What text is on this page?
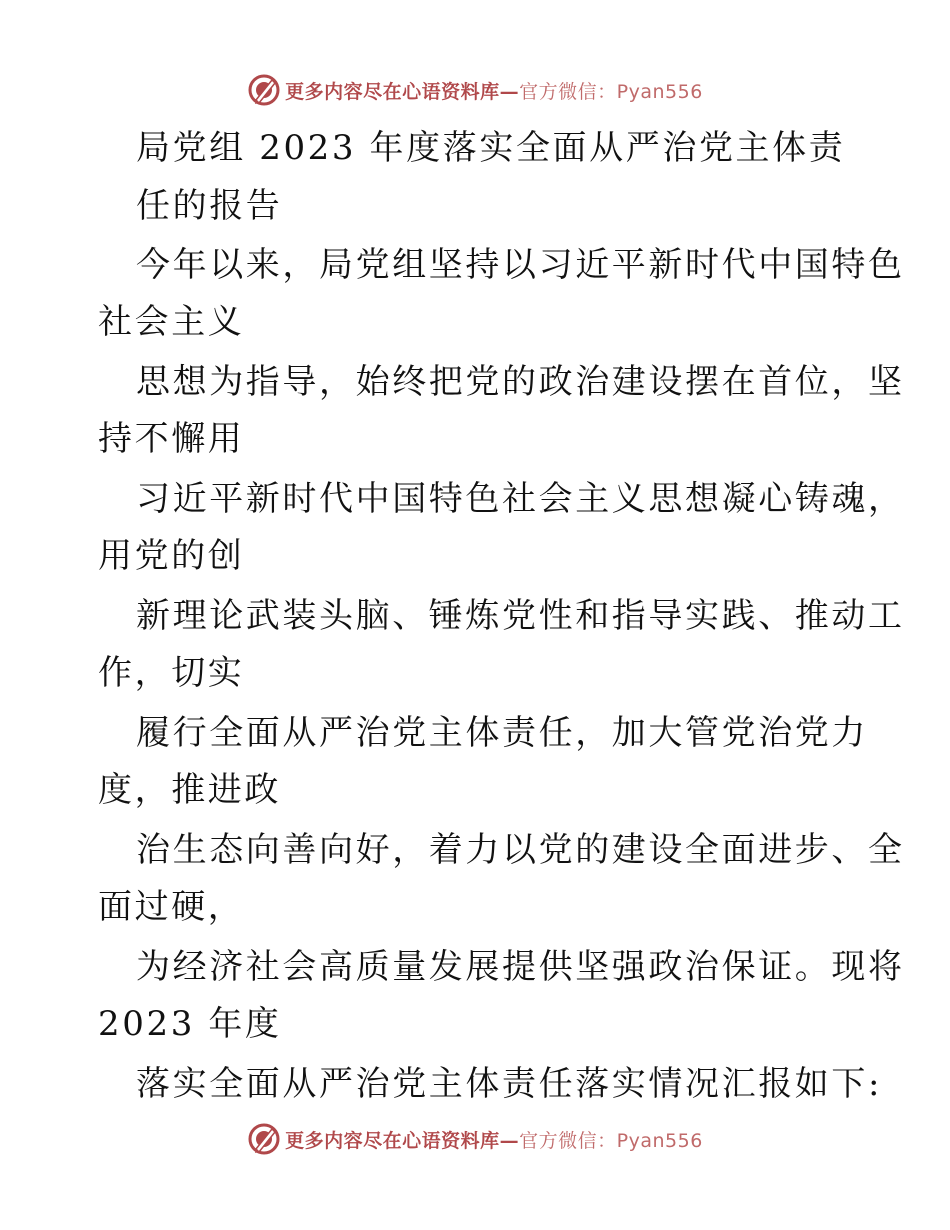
更多内容尽在心语资料库—官方微信：Pyan556
局党组 2023 年度落实全面从严治党主体责
任的报告
今年以来，局党组坚持以习近平新时代中国特色
社会主义
思想为指导，始终把党的政治建设摆在首位，坚
持不懈用
习近平新时代中国特色社会主义思想凝心铸魂，
用党的创
新理论武装头脑、锤炼党性和指导实践、推动工
作，切实
履行全面从严治党主体责任，加大管党治党力
度，推进政
治生态向善向好，着力以党的建设全面进步、全
面过硬，
为经济社会高质量发展提供坚强政治保证。现将
2023 年度
落实全面从严治党主体责任落实情况汇报如下:
更多内容尽在心语资料库—官方微信：Pyan556
